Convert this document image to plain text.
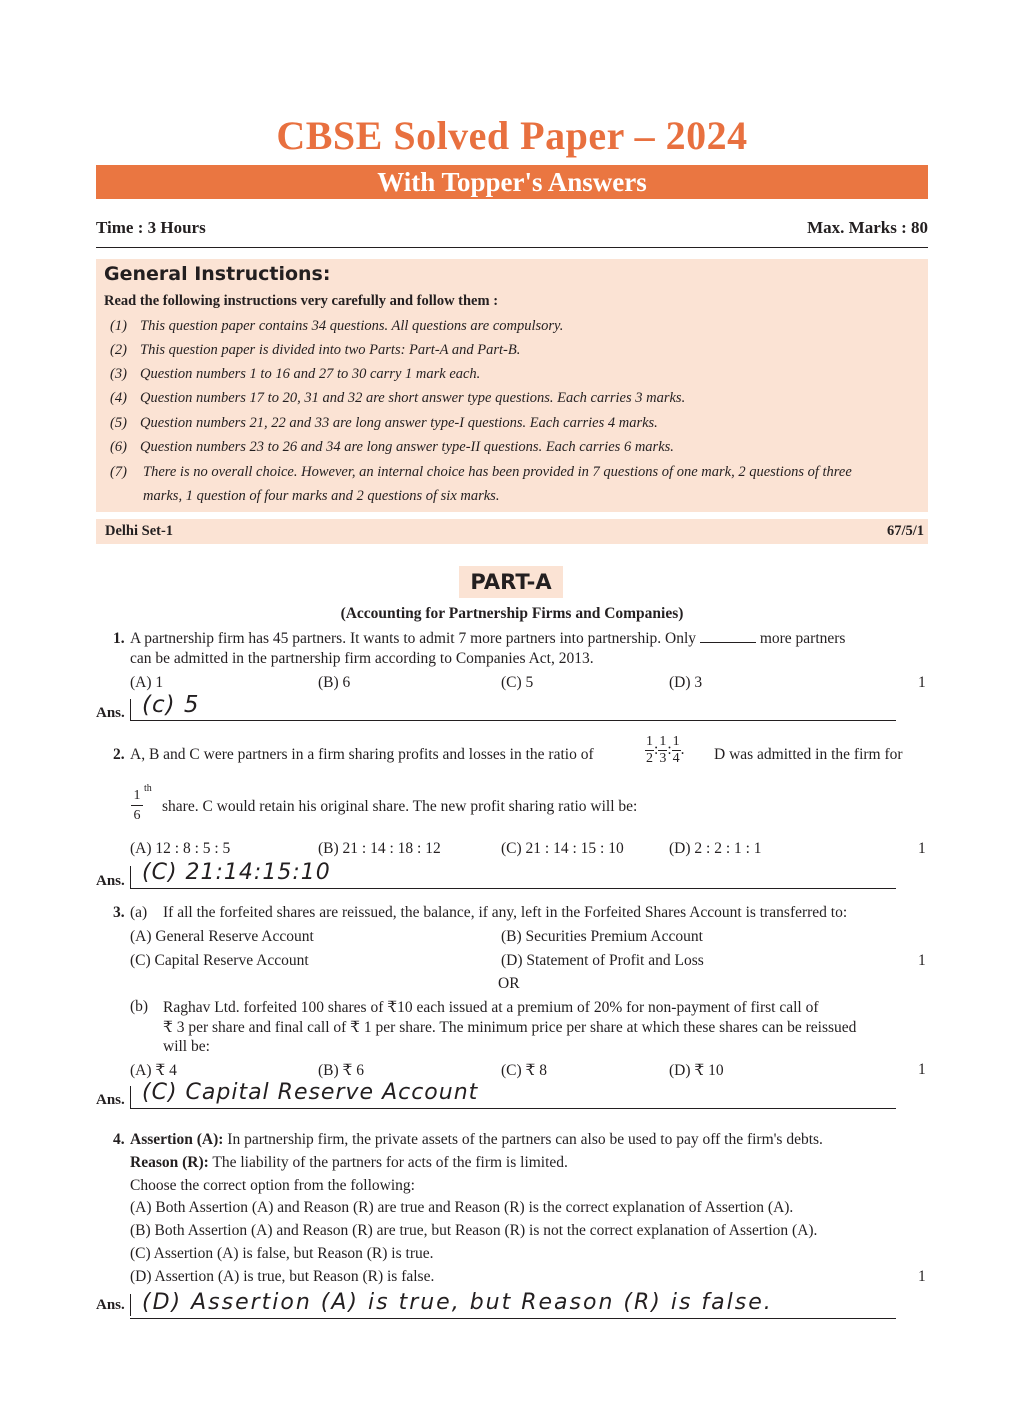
CBSE Solved Paper – 2024
With Topper's Answers
Time : 3 Hours	Max. Marks : 80
General Instructions:
Read the following instructions very carefully and follow them :
(1) This question paper contains 34 questions. All questions are compulsory.
(2) This question paper is divided into two Parts: Part-A and Part-B.
(3) Question numbers 1 to 16 and 27 to 30 carry 1 mark each.
(4) Question numbers 17 to 20, 31 and 32 are short answer type questions. Each carries 3 marks.
(5) Question numbers 21, 22 and 33 are long answer type-I questions. Each carries 4 marks.
(6) Question numbers 23 to 26 and 34 are long answer type-II questions. Each carries 6 marks.
(7) There is no overall choice. However, an internal choice has been provided in 7 questions of one mark, 2 questions of three
marks, 1 question of four marks and 2 questions of six marks.
Delhi Set-1	67/5/1
PART-A
(Accounting for Partnership Firms and Companies)
1. A partnership firm has 45 partners. It wants to admit 7 more partners into partnership. Only	more partners
can be admitted in the partnership firm according to Companies Act, 2013.
(A) 1	(B) 6	(C) 5	(D) 3	1
Ans. (c) 5
2. A, B and C were partners in a firm sharing profits and losses in the ratio of	$\frac{1}{2}$ : $\frac{1}{3}$ : $\frac{1}{4}$ . D was admitted in the firm for
$\frac{1}{6}$ th
share. C would retain his original share. The new profit sharing ratio will be:
(A) 12 : 8 : 5 : 5	(B) 21 : 14 : 18 : 12	(C) 21 : 14 : 15 : 10	(D) 2 : 2 : 1 : 1	1
Ans. (C) 21:14:15:10
3. (a) If all the forfeited shares are reissued, the balance, if any, left in the Forfeited Shares Account is transferred to:
(A) General Reserve Account	(B) Securities Premium Account
(C) Capital Reserve Account	(D) Statement of Profit and Loss	1
OR
(b) Raghav Ltd. forfeited 100 shares of ₹10 each issued at a premium of 20% for non-payment of first call of
₹ 3 per share and final call of ₹ 1 per share. The minimum price per share at which these shares can be reissued
will be:
(A) ₹ 4	(B) ₹ 6	(C) ₹ 8	(D) ₹ 10	1
Ans. (C) Capital Reserve Account
4. Assertion (A): In partnership firm, the private assets of the partners can also be used to pay off the firm's debts.
Reason (R): The liability of the partners for acts of the firm is limited.
Choose the correct option from the following:
(A) Both Assertion (A) and Reason (R) are true and Reason (R) is the correct explanation of Assertion (A).
(B) Both Assertion (A) and Reason (R) are true, but Reason (R) is not the correct explanation of Assertion (A).
(C) Assertion (A) is false, but Reason (R) is true.
(D) Assertion (A) is true, but Reason (R) is false.	1
Ans. (D) Assertion (A) is true, but Reason (R) is false.
